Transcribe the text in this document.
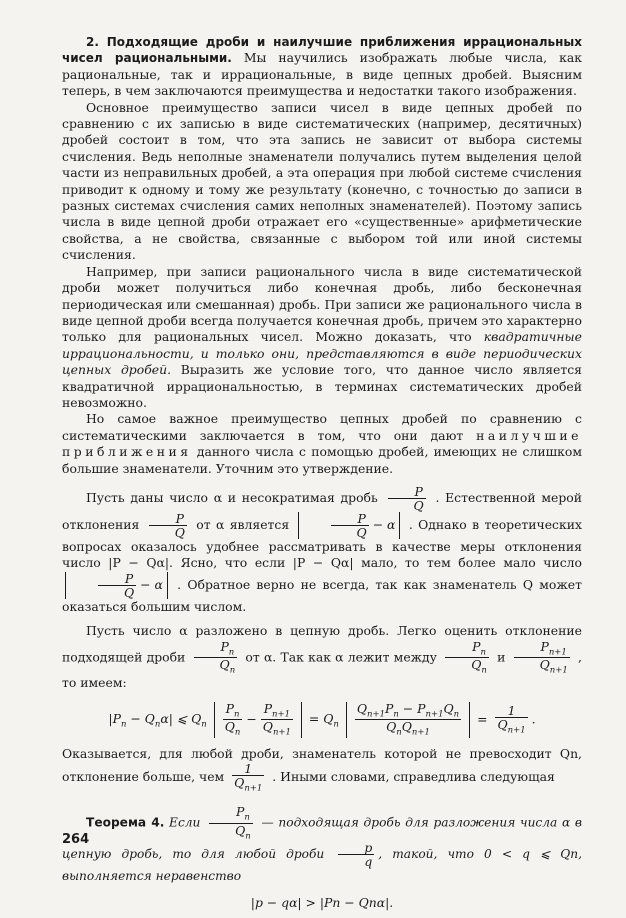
2. Подходящие дроби и наилучшие приближения иррациональных чисел рациональными. Мы научились изображать любые числа, как рациональные, так и иррациональные, в виде цепных дробей. Выясним теперь, в чем заключаются преимущества и недостатки такого изображения.

Основное преимущество записи чисел в виде цепных дробей по сравнению с их записью в виде систематических (например, десятичных) дробей состоит в том, что эта запись не зависит от выбора системы счисления. Ведь неполные знаменатели получались путем выделения целой части из неправильных дробей, а эта операция при любой системе счисления приводит к одному и тому же результату (конечно, с точностью до записи в разных системах счисления самих неполных знаменателей). Поэтому запись числа в виде цепной дроби отражает его «существенные» арифметические свойства, а не свойства, связанные с выбором той или иной системы счисления.

Например, при записи рационального числа в виде систематической дроби может получиться либо конечная дробь, либо бесконечная периодическая или смешанная) дробь. При записи же рационального числа в виде цепной дроби всегда получается конечная дробь, причем это характерно только для рациональных чисел. Можно доказать, что квадратичные иррациональности, и только они, представляются в виде периодических цепных дробей. Выразить же условие того, что данное число является квадратичной иррациональностью, в терминах систематических дробей невозможно.

Но самое важное преимущество цепных дробей по сравнению с систематическими заключается в том, что они дают наилучшие приближения данного числа с помощью дробей, имеющих не слишком большие знаменатели. Уточним это утверждение.

Пусть даны число α и несократимая дробь $\frac{P}{Q}$ . Естественной мерой отклонения $\frac{P}{Q}$ от α является	$\frac{P}{Q} - \alpha$ . Однако в теоретических вопросах оказалось удобнее рассматривать в качестве меры отклонения число |P − Qα|. Ясно, что если |P − Qα| мало, то тем более мало число
$\frac{P}{Q} - \alpha$ . Обратное верно не всегда, так как знаменатель Q может оказаться большим числом.

Пусть число α разложено в цепную дробь. Легко оценить отклонение подходящей дроби $\frac{P_n}{Q_n}$ от α. Так как α лежит между $\frac{P_n}{Q_n}$ и $\frac{P_{n+1}}{Q_{n+1}}$ , то имеем:

$|P_n - Q_n\alpha|$ ⩽ $Q_n \frac{P_n}{Q_n} - \frac{P_{n+1}}{Q_{n+1}} = Q_n \frac{Q_{n+1}P_n - P_{n+1}Q_n}{Q_nQ_{n+1}} = \frac{1}{Q_{n+1}}$ .

Оказывается, для любой дроби, знаменатель которой не превосходит Qn, отклонение больше, чем $\frac{1}{Q_{n+1}}$ . Иными словами, справедлива следующая

Теорема 4. Если $\frac{P_n}{Q_n}$ — подходящая дробь для разложения числа α в цепную дробь, то для любой дроби $\frac{p}{q}$ , такой, что 0 < q ⩽ Qn, выполняется неравенство

|p − qα| > |Pn − Qnα|.
264
